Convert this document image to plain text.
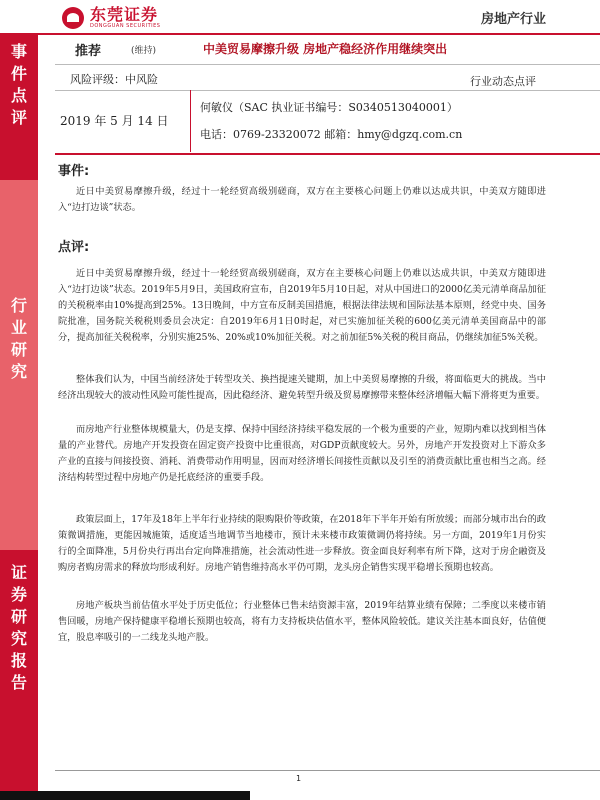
东莞证券
DONGGUAN SECURITIES	房地产行业
事
件
点
评
行
业
研
究
证
券
研
究
报
告
推荐	(维持)	中美贸易摩擦升级 房地产稳经济作用继续突出
风险评级：中风险	行业动态点评
2019 年 5 月 14 日
何敏仪（SAC 执业证书编号：S0340513040001）
电话：0769-23320072 邮箱：hmy@dgzq.com.cn
事件:

近日中美贸易摩擦升级，经过十一轮经贸高级别磋商，双方在主要核心问题上仍难以达成共识，中美双方随即进入“边打边谈”状态。

点评:

近日中美贸易摩擦升级，经过十一轮经贸高级别磋商，双方在主要核心问题上仍难以达成共识，中美双方随即进入“边打边谈”状态。2019年5月9日，美国政府宣布，自2019年5月10日起，对从中国进口的2000亿美元清单商品加征的关税税率由10%提高到25%。13日晚间，中方宣布反制美国措施，根据法律法规和国际法基本原则，经党中央、国务院批准，国务院关税税则委员会决定：自2019年6月1日0时起，对已实施加征关税的600亿美元清单美国商品中的部分，提高加征关税税率，分别实施25%、20%或10%加征关税。对之前加征5%关税的税目商品，仍继续加征5%关税。

整体我们认为，中国当前经济处于转型攻关、换挡提速关键期，加上中美贸易摩擦的升级，将面临更大的挑战。当中经济出现较大的波动性风险可能性提高，因此稳经济、避免转型升级及贸易摩擦带来整体经济增幅大幅下滑将更为重要。

而房地产行业整体规模量大，仍是支撑、保持中国经济持续平稳发展的一个极为重要的产业，短期内难以找到相当体量的产业替代。房地产开发投资在固定资产投资中比重很高，对GDP贡献度较大。另外，房地产开发投资对上下游众多产业的直接与间接投资、消耗、消费带动作用明显，因而对经济增长间接性贡献以及引至的消费贡献比重也相当之高。经济结构转型过程中房地产仍是托底经济的重要手段。

政策层面上，17年及18年上半年行业持续的限购限价等政策，在2018年下半年开始有所放缓；而部分城市出台的政策微调措施，更能因城施策，适度适当地调节当地楼市，预计未来楼市政策微调仍将持续。另一方面，2019年1月份实行的全面降准，5月份央行再出台定向降准措施，社会流动性进一步释放。资金面良好利率有所下降，这对于房企融资及购房者购房需求的释放均形成利好。房地产销售维持高水平仍可期，龙头房企销售实现平稳增长预期也较高。

房地产板块当前估值水平处于历史低位；行业整体已售未结资源丰富，2019年结算业绩有保障；二季度以来楼市销售回暖，房地产保持健康平稳增长预期也较高，将有力支持板块估值水平，整体风险较低。建议关注基本面良好，估值便宜，股息率吸引的一二线龙头地产股。

1
